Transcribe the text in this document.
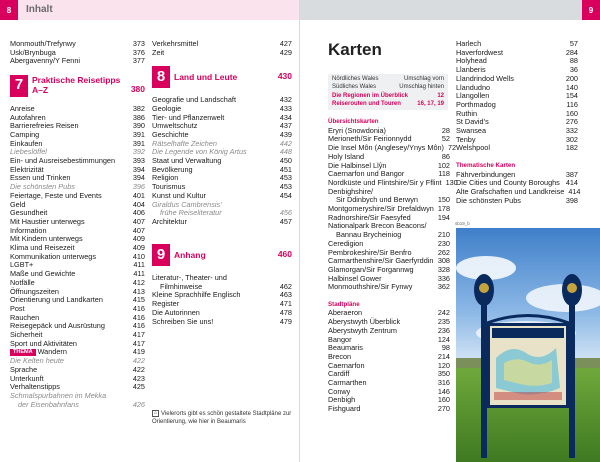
8	Inhalt
Monmouth/Trefynwy	373
Usk/Brynbuga	376
Abergavenny/Y Fenni	377
7	Praktische Reisetipps A–Z	380
Anreise	382
Autofahren	386
Barrierefreies Reisen	390
Camping	391
Einkaufen	391
Liebeslöffel	392
Ein- und Ausreisebestimmungen	393
Elektrizität	394
Essen und Trinken	394
Die schönsten Pubs	396
Feiertage, Feste und Events	401
Geld	404
Gesundheit	406
Mit Haustier unterwegs	407
Information	407
Mit Kindern unterwegs	409
Klima und Reisezeit	409
Kommunikation unterwegs	410
LGBT+	411
Maße und Gewichte	411
Notfälle	412
Öffnungszeiten	413
Orientierung und Landkarten	415
Post	416
Rauchen	416
Reisegepäck und Ausrüstung	416
Sicherheit	417
Sport und Aktivitäten	417
THEMA Wandern	419
Die Kelten heute	422
Sprache	422
Unterkunft	423
Verhaltenstipps	425
Schmalspurbahnen im Mekka
der Eisenbahnfans	426
Verkehrsmittel	427
Zeit	429
8	Land und Leute	430
Geografie und Landschaft	432
Geologie	433
Tier- und Pflanzenwelt	434
Umweltschutz	437
Geschichte	439
Rätselhafte Zeichen	442
Die Legende von König Artus	448
Staat und Verwaltung	450
Bevölkerung	451
Religion	453
Tourismus	453
Kunst und Kultur	454
Giraldus Cambrensis’
frühe Reiseliteratur	456
Architektur	457
9	Anhang	460
Literatur-, Theater- und
Filmhinweise	462
Kleine Sprachhilfe Englisch	463
Register	471
Die Autorinnen	478
Schreiben Sie uns!	479
⌂ Vielerorts gibt es schön gestaltete Stadtpläne zur Orientierung, wie hier in Beaumaris
9
Karten
Nördliches Wales	Umschlag vorn
Südliches Wales	Umschlag hinten
Die Regionen im Überblick	12
Reiserouten und Touren	16, 17, 19
Übersichtskarten
Eryri (Snowdonia)	28
Merioneth/Sir Feirionnydd	52
Die Insel Môn (Anglesey/Ynys Môn) 72
Holy Island	86
Die Halbinsel Llŷn	102
Caernarfon und Bangor	118
Nordküste und Flintshire/Sir y Fflint 130
Denbighshire/
Sir Ddinbych und Berwyn	150
Montgomeryshire/Sir Drefaldwyn 178
Radnorshire/Sir Faesyfed	194
Nationalpark Brecon Beacons/
Bannau Brycheiniog	210
Ceredigion	230
Pembrokeshire/Sir Benfro	262
Carmarthenshire/Sir Gaerfyrddin 308
Glamorgan/Sir Forgannwg	328
Halbinsel Gower	336
Monmouthshire/Sir Fynwy	362
Stadtpläne
Aberaeron	242
Aberystwyth Überblick	235
Aberystwyth Zentrum	236
Bangor	124
Beaumaris	98
Brecon	214
Caernarfon	120
Cardiff	350
Carmarthen	316
Conwy	146
Denbigh	160
Fishguard	270
Harlech	57
Haverfordwest	284
Holyhead	88
Llanberis	36
Llandrindod Wells	200
Llandudno	140
Llangollen	154
Porthmadog	116
Ruthin	160
St David’s	276
Swansea	332
Tenby	302
Welshpool	182
Thematische Karten
Fährverbindungen	387
Die Cities und County Boroughs 414
Alte Grafschaften und Landkreise 414
Die schönsten Pubs	398
sb19_b
